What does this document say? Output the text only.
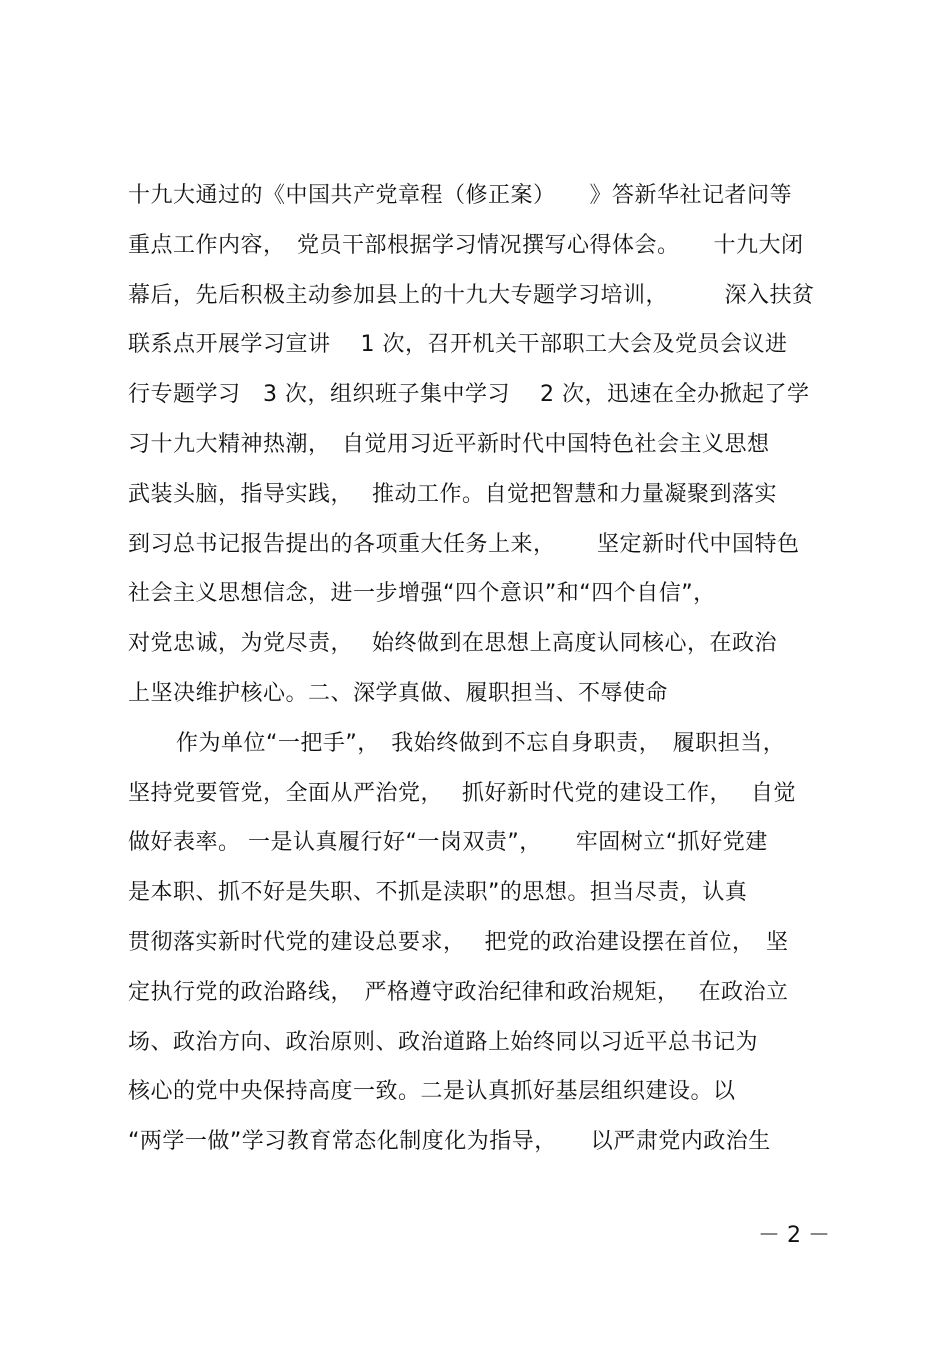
十九大通过的《中国共产党章程（修正案）　　》答新华社记者问等
重点工作内容，　党员干部根据学习情况撰写心得体会。　　十九大闭
幕后，先后积极主动参加县上的十九大专题学习培训，　　　深入扶贫
联系点开展学习宣讲　 1 次，召开机关干部职工大会及党员会议进
行专题学习　3 次，组织班子集中学习　 2 次，迅速在全办掀起了学
习十九大精神热潮，　自觉用习近平新时代中国特色社会主义思想
武装头脑，指导实践，　 推动工作。自觉把智慧和力量凝聚到落实
到习总书记报告提出的各项重大任务上来，　　 坚定新时代中国特色
社会主义思想信念，进一步增强“四个意识”和“四个自信”，
对党忠诚，为党尽责，　 始终做到在思想上高度认同核心，在政治
上坚决维护核心。二、深学真做、履职担当、不辱使命
作为单位“一把手”，　我始终做到不忘自身职责，　履职担当，
坚持党要管党，全面从严治党，　 抓好新时代党的建设工作，　 自觉
做好表率。 一是认真履行好“一岗双责”，　　牢固树立“抓好党建
是本职、抓不好是失职、不抓是渎职”的思想。担当尽责，认真
贯彻落实新时代党的建设总要求，　 把党的政治建设摆在首位，　坚
定执行党的政治路线，　严格遵守政治纪律和政治规矩，　 在政治立
场、政治方向、政治原则、政治道路上始终同以习近平总书记为
核心的党中央保持高度一致。二是认真抓好基层组织建设。以
“两学一做”学习教育常态化制度化为指导，　　以严肃党内政治生
－ 2 －
